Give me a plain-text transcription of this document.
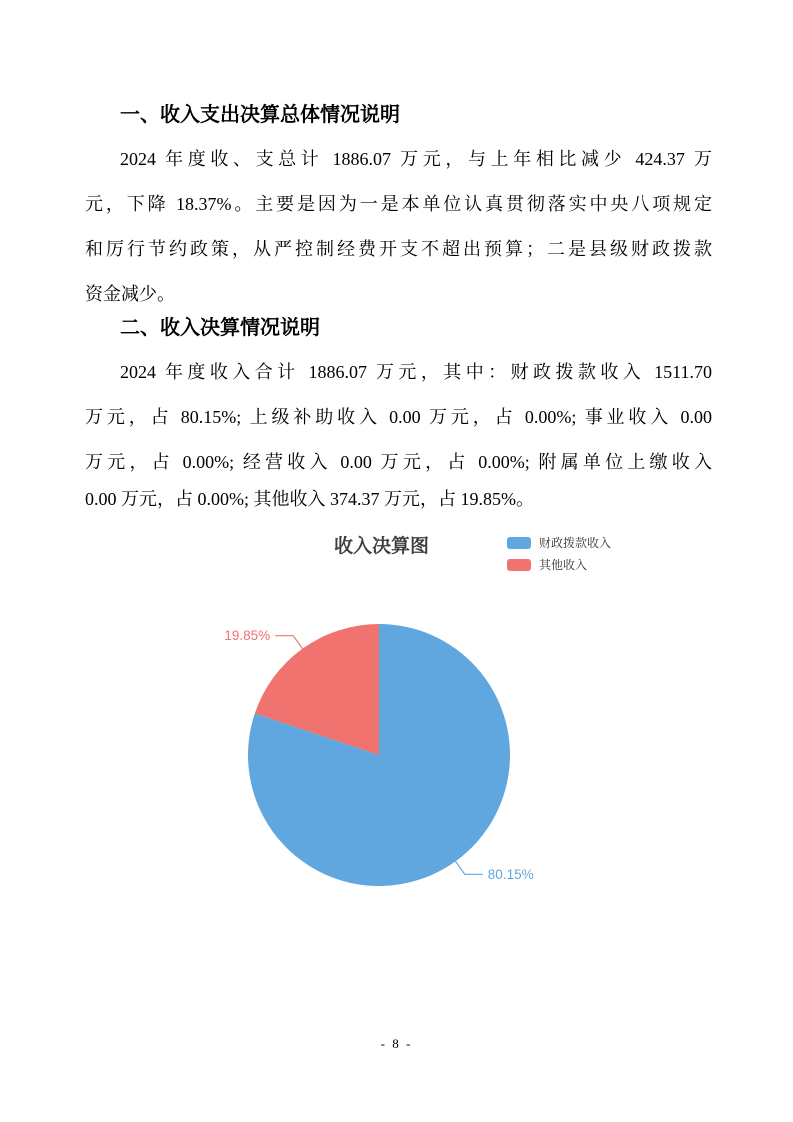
一、收入支出决算总体情况说明
2024 年度收、支总计 1886.07 万元，与上年相比减少 424.37 万
元，下降 18.37%。主要是因为一是本单位认真贯彻落实中央八项规定
和厉行节约政策，从严控制经费开支不超出预算；二是县级财政拨款
资金减少。
二、收入决算情况说明
2024 年度收入合计 1886.07 万元，其中：财政拨款收入 1511.70
万元，占 80.15%; 上级补助收入 0.00 万元，占 0.00%; 事业收入 0.00
万元，占 0.00%; 经营收入 0.00 万元，占 0.00%; 附属单位上缴收入
0.00 万元，占 0.00%; 其他收入 374.37 万元，占 19.85%。
收入决算图	财政拨款收入
其他收入
80.15%
19.85%
- 8 -
